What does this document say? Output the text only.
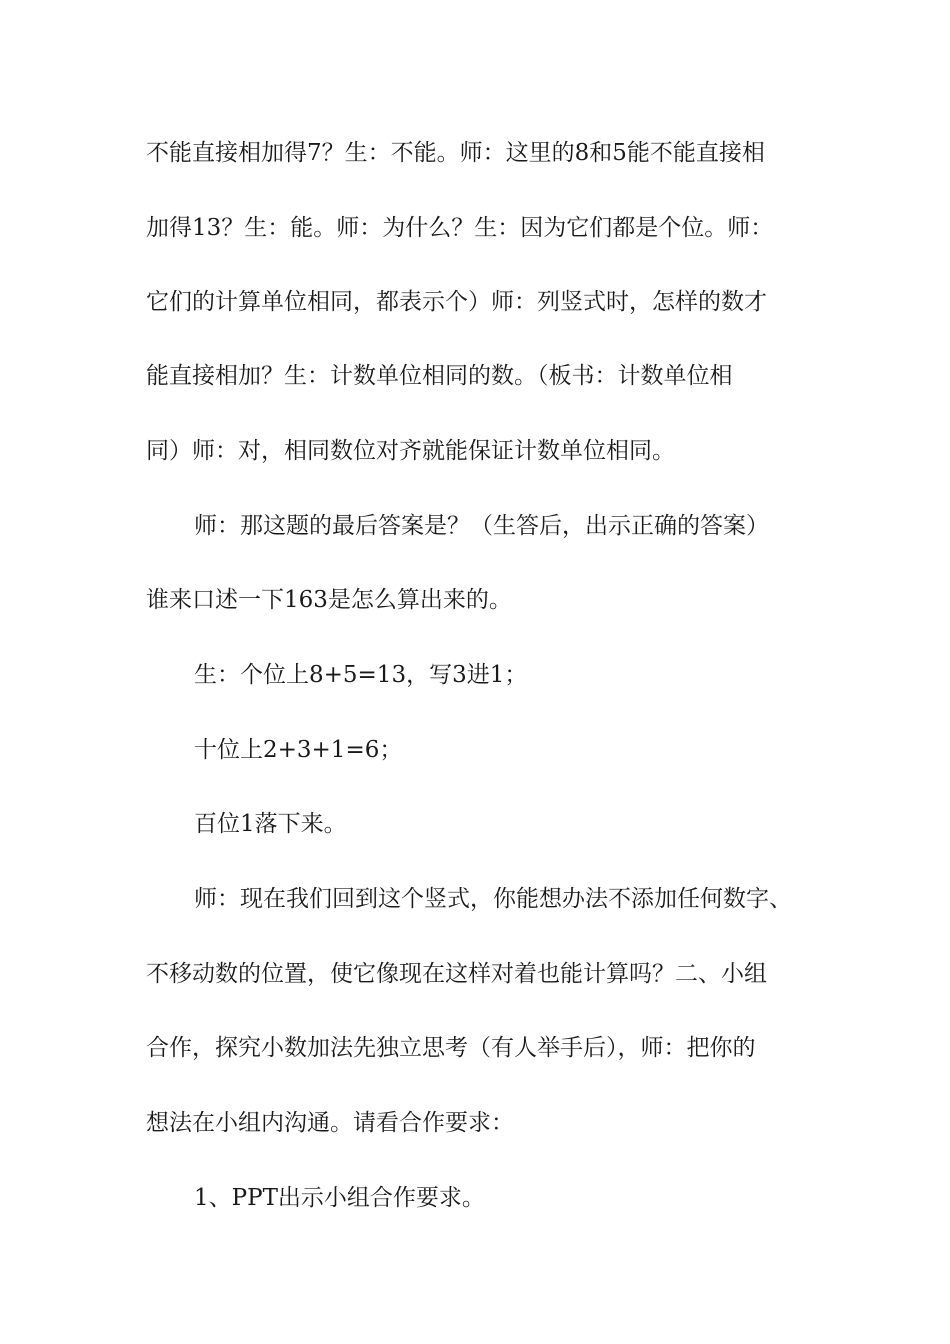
不能直接相加得7？生：不能。师：这里的8和5能不能直接相
加得13？生：能。师：为什么？生：因为它们都是个位。师：
它们的计算单位相同，都表示个）师：列竖式时，怎样的数才
能直接相加？生：计数单位相同的数。（板书：计数单位相
同）师：对，相同数位对齐就能保证计数单位相同。
师：那这题的最后答案是？（生答后，出示正确的答案）
谁来口述一下163是怎么算出来的。
生：个位上8+5=13，写3进1；
十位上2+3+1=6；
百位1落下来。
师：现在我们回到这个竖式，你能想办法不添加任何数字、
不移动数的位置，使它像现在这样对着也能计算吗？二、小组
合作，探究小数加法先独立思考（有人举手后），师：把你的
想法在小组内沟通。请看合作要求：
1、PPT出示小组合作要求。
